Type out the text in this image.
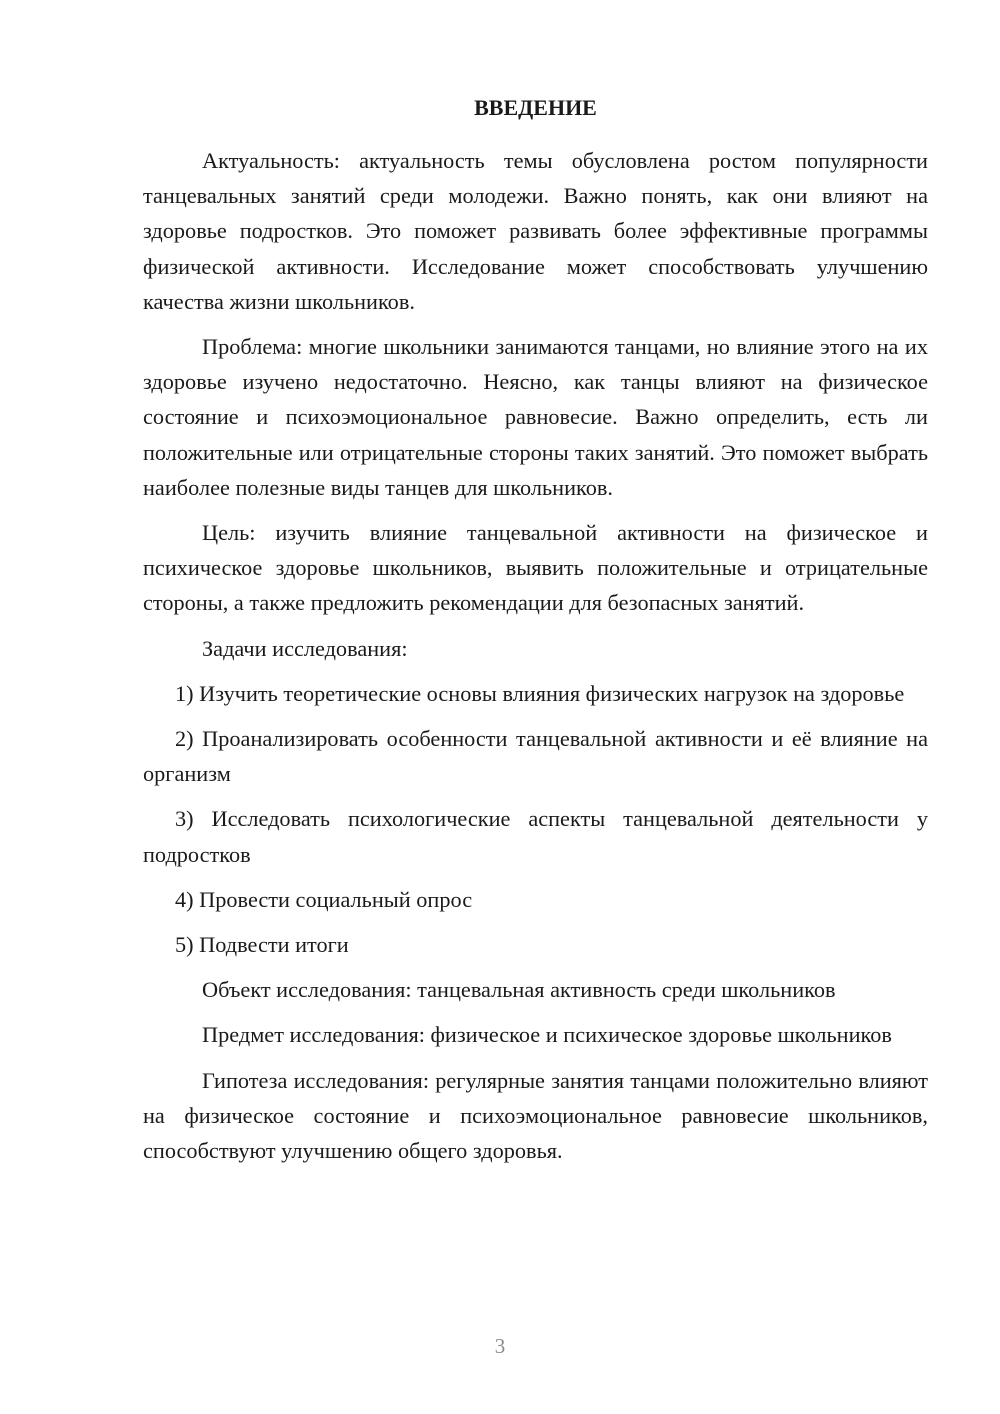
ВВЕДЕНИЕ

Актуальность: актуальность темы обусловлена ростом популярности танцевальных занятий среди молодежи. Важно понять, как они влияют на здоровье подростков. Это поможет развивать более эффективные программы физической активности. Исследование может способствовать улучшению качества жизни школьников.

Проблема: многие школьники занимаются танцами, но влияние этого на их здоровье изучено недостаточно. Неясно, как танцы влияют на физическое состояние и психоэмоциональное равновесие. Важно определить, есть ли положительные или отрицательные стороны таких занятий. Это поможет выбрать наиболее полезные виды танцев для школьников.

Цель: изучить влияние танцевальной активности на физическое и психическое здоровье школьников, выявить положительные и отрицательные стороны, а также предложить рекомендации для безопасных занятий.

Задачи исследования:

1) Изучить теоретические основы влияния физических нагрузок на здоровье

2) Проанализировать особенности танцевальной активности и её влияние на организм

3) Исследовать психологические аспекты танцевальной деятельности у подростков

4) Провести социальный опрос

5) Подвести итоги

Объект исследования: танцевальная активность среди школьников

Предмет исследования: физическое и психическое здоровье школьников

Гипотеза исследования: регулярные занятия танцами положительно влияют на физическое состояние и психоэмоциональное равновесие школьников, способствуют улучшению общего здоровья.

3
